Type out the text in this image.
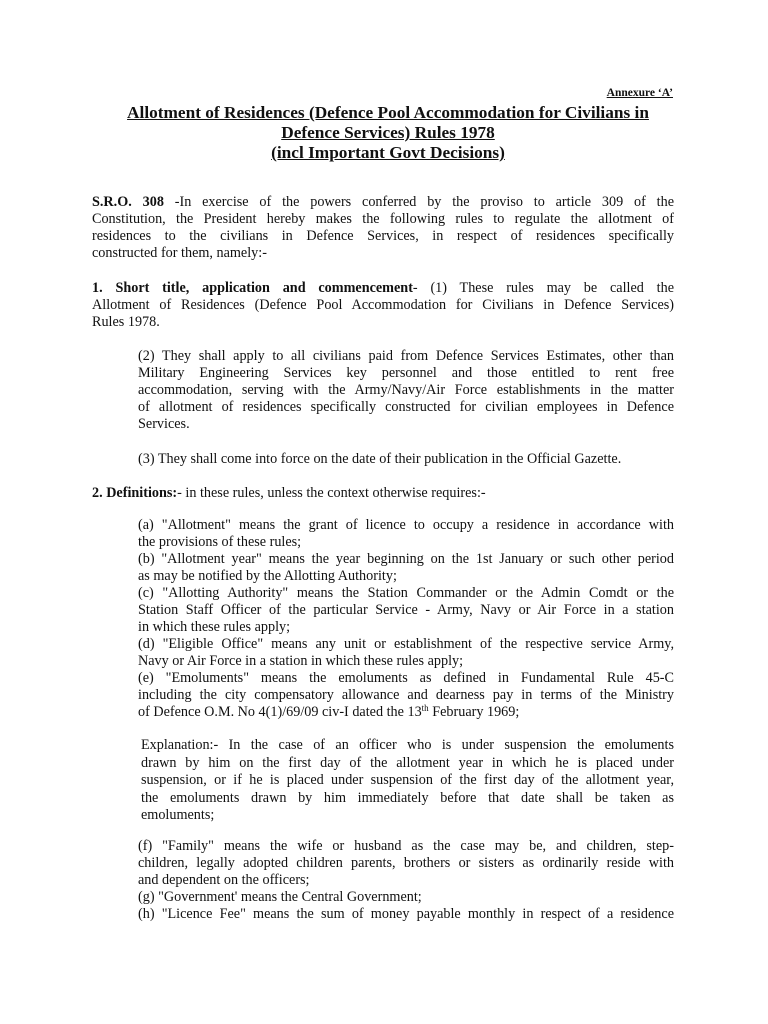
Annexure ‘A’
Allotment of Residences (Defence Pool Accommodation for Civilians in
Defence Services) Rules 1978
(incl Important Govt Decisions)
S.R.O. 308 -In exercise of the powers conferred by the proviso to article 309 of the
Constitution, the President hereby makes the following rules to regulate the allotment of
residences to the civilians in Defence Services, in respect of residences specifically
constructed for them, namely:-
1. Short title, application and commencement- (1) These rules may be called the
Allotment of Residences (Defence Pool Accommodation for Civilians in Defence Services)
Rules 1978.
(2) They shall apply to all civilians paid from Defence Services Estimates, other than
Military Engineering Services key personnel and those entitled to rent free
accommodation, serving with the Army/Navy/Air Force establishments in the matter
of allotment of residences specifically constructed for civilian employees in Defence
Services.
(3) They shall come into force on the date of their publication in the Official Gazette.
2. Definitions:- in these rules, unless the context otherwise requires:-
(a) "Allotment" means the grant of licence to occupy a residence in accordance with
the provisions of these rules;
(b) "Allotment year" means the year beginning on the 1st January or such other period
as may be notified by the Allotting Authority;
(c) "Allotting Authority" means the Station Commander or the Admin Comdt or the
Station Staff Officer of the particular Service - Army, Navy or Air Force in a station
in which these rules apply;
(d) "Eligible Office" means any unit or establishment of the respective service Army,
Navy or Air Force in a station in which these rules apply;
(e) "Emoluments" means the emoluments as defined in Fundamental Rule 45-C
including the city compensatory allowance and dearness pay in terms of the Ministry
of Defence O.M. No 4(1)/69/09 civ-I dated the 13th February 1969;
Explanation:- In the case of an officer who is under suspension the emoluments
drawn by him on the first day of the allotment year in which he is placed under
suspension, or if he is placed under suspension of the first day of the allotment year,
the emoluments drawn by him immediately before that date shall be taken as
emoluments;
(f) "Family" means the wife or husband as the case may be, and children, step-
children, legally adopted children parents, brothers or sisters as ordinarily reside with
and dependent on the officers;
(g) "Government' means the Central Government;
(h) "Licence Fee" means the sum of money payable monthly in respect of a residence
